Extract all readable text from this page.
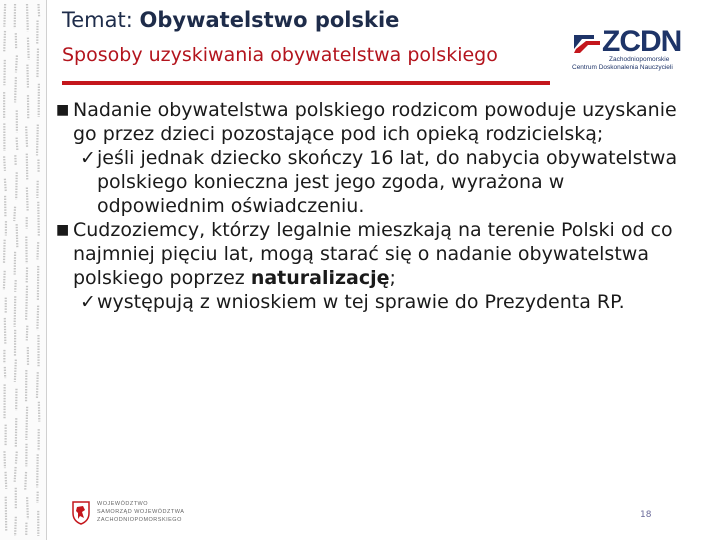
Temat: Obywatelstwo polskie
Sposoby uzyskiwania obywatelstwa polskiego	ZCDN
Zachodniopomorskie
Centrum Doskonalenia Nauczycieli
■ Nadanie obywatelstwa polskiego rodzicom powoduje uzyskanie go przez dzieci pozostające pod ich opieką rodzicielską;
✓ jeśli jednak dziecko skończy 16 lat, do nabycia obywatelstwa polskiego konieczna jest jego zgoda, wyrażona w odpowiednim oświadczeniu.
■ Cudzoziemcy, którzy legalnie mieszkają na terenie Polski od co najmniej pięciu lat, mogą starać się o nadanie obywatelstwa polskiego poprzez naturalizację;
✓ występują z wnioskiem w tej sprawie do Prezydenta RP.
WOJEWÓDZTWO
SAMORZĄD WOJEWÓDZTWA
ZACHODNIOPOMORSKIEGO	18
